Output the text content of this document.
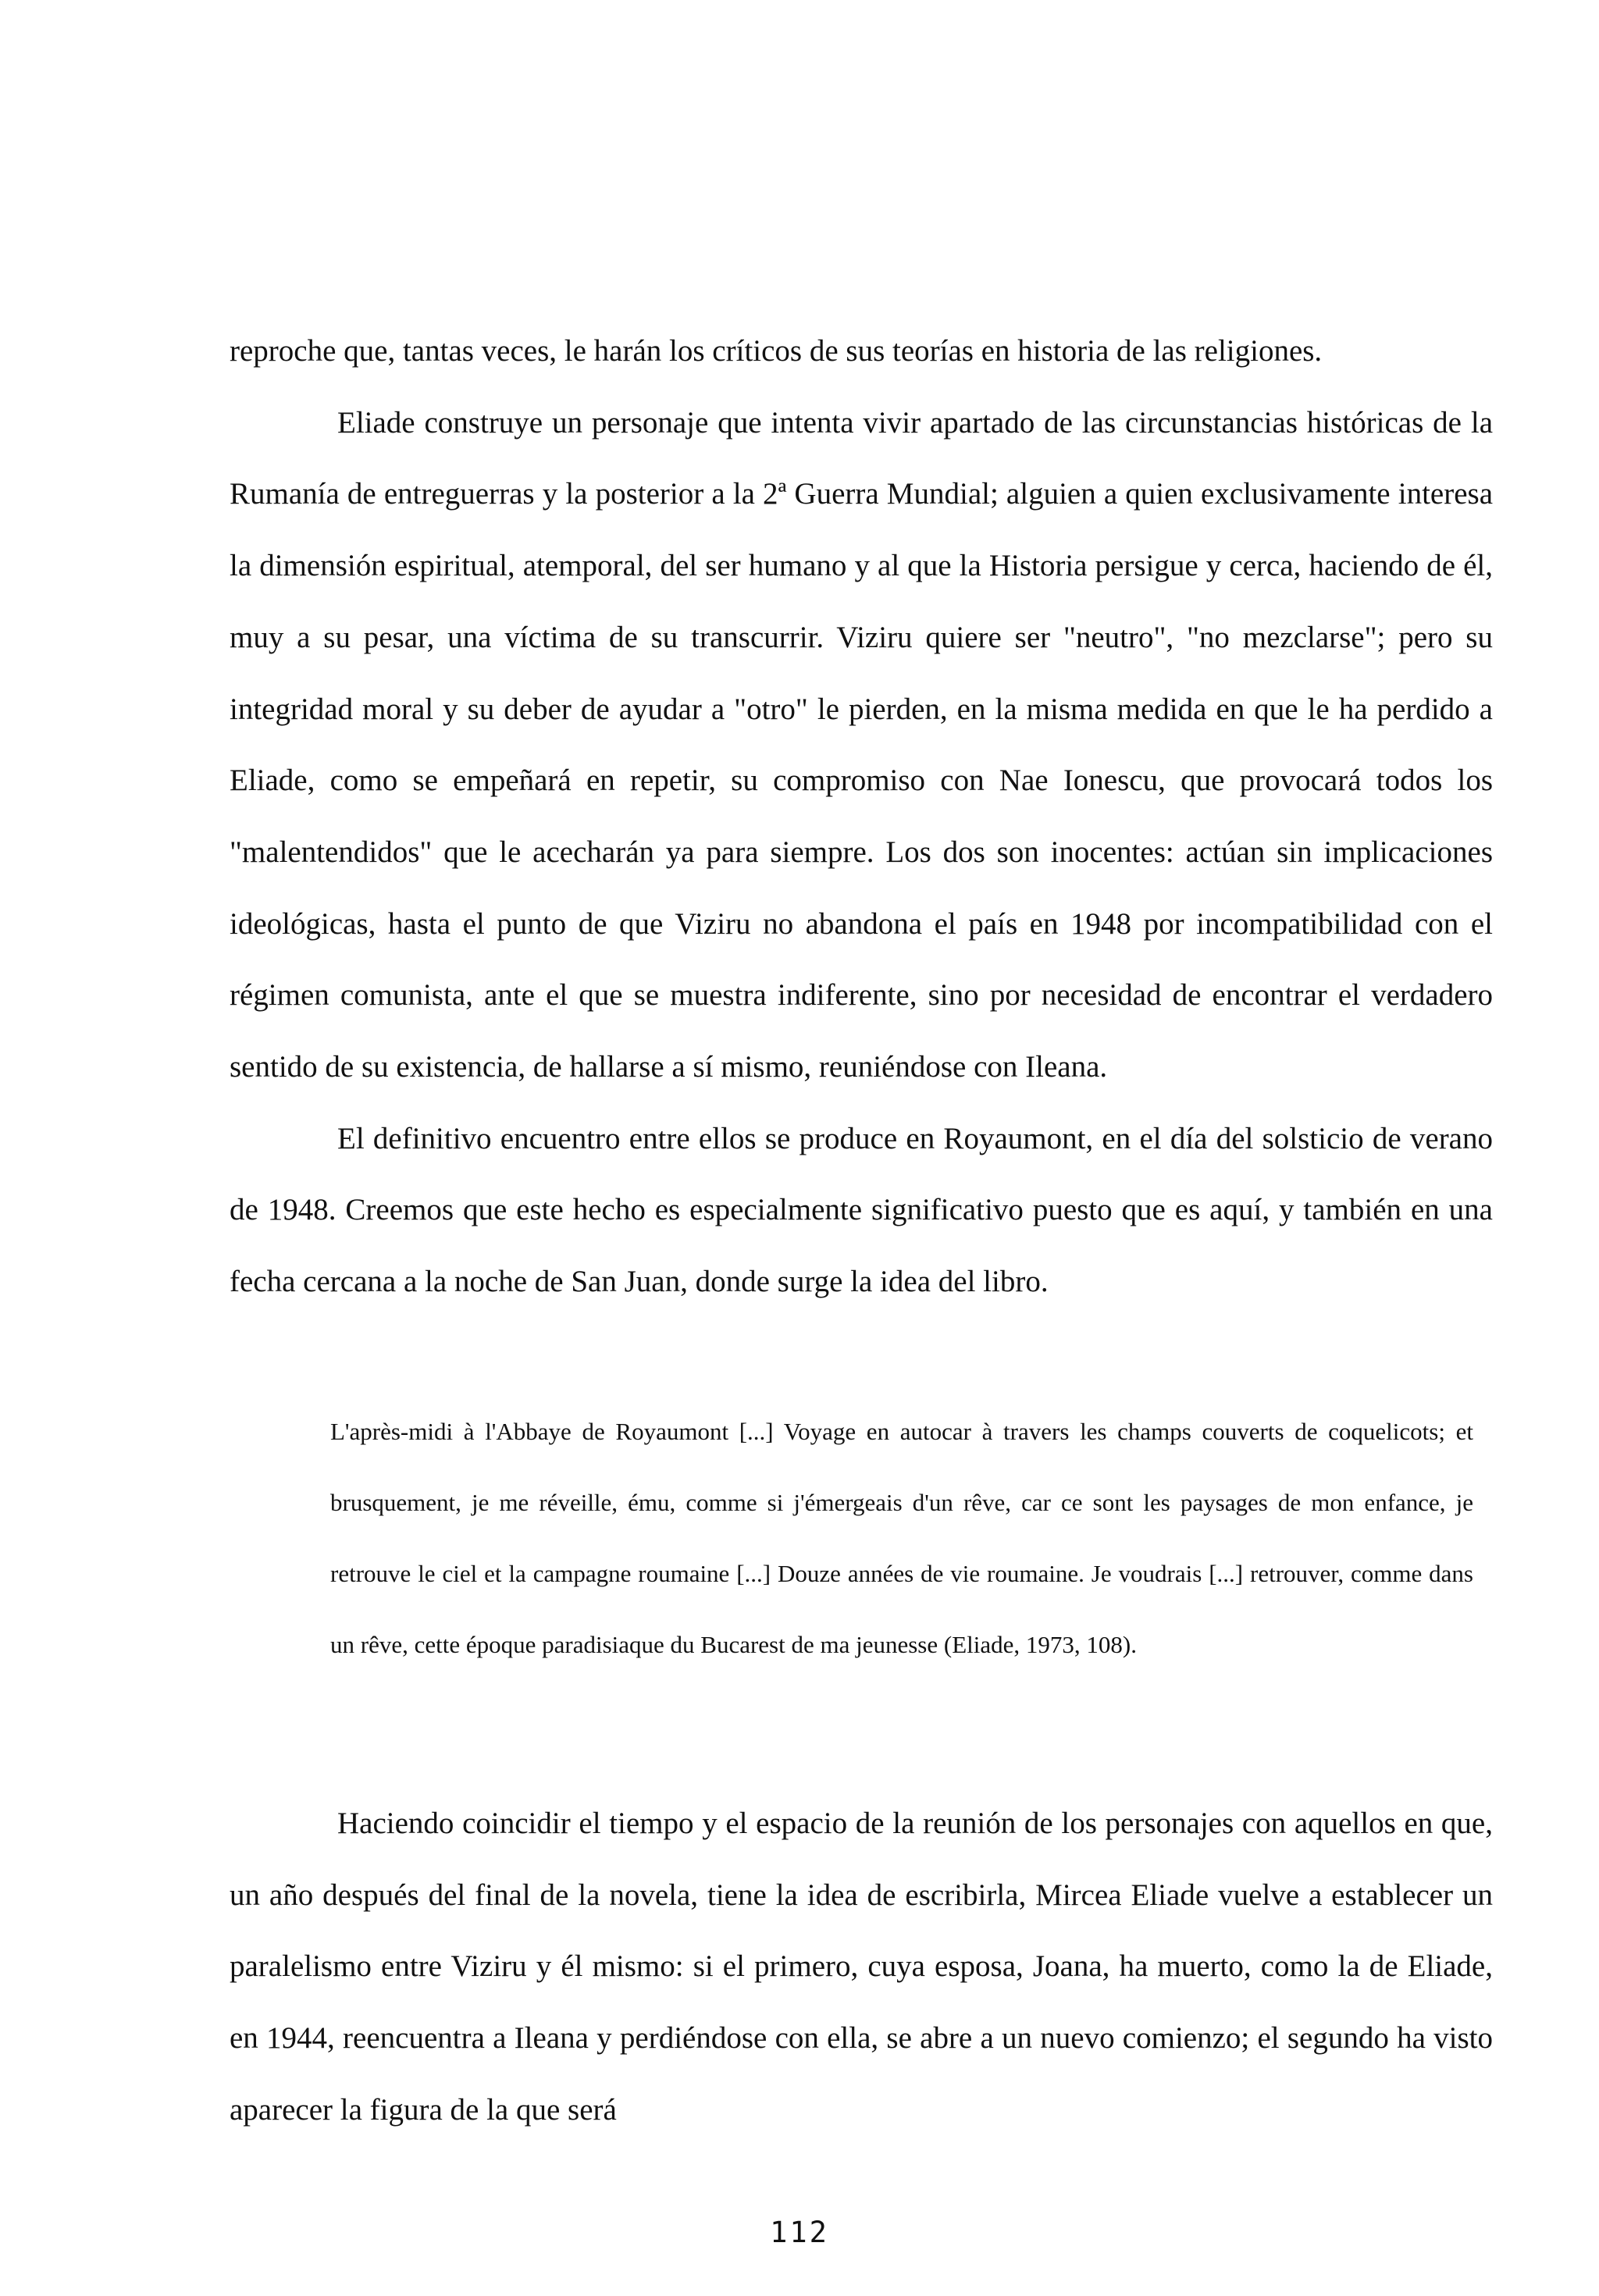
reproche que, tantas veces, le harán los críticos de sus teorías en historia de las religiones.

Eliade construye un personaje que intenta vivir apartado de las circunstancias históricas de la Rumanía de entreguerras y la posterior a la 2ª Guerra Mundial; alguien a quien exclusivamente interesa la dimensión espiritual, atemporal, del ser humano y al que la Historia persigue y cerca, haciendo de él, muy a su pesar, una víctima de su transcurrir. Viziru quiere ser "neutro", "no mezclarse"; pero su integridad moral y su deber de ayudar a "otro" le pierden, en la misma medida en que le ha perdido a Eliade, como se empeñará en repetir, su compromiso con Nae Ionescu, que provocará todos los "malentendidos" que le acecharán ya para siempre. Los dos son inocentes: actúan sin implicaciones ideológicas, hasta el punto de que Viziru no abandona el país en 1948 por incompatibilidad con el régimen comunista, ante el que se muestra indiferente, sino por necesidad de encontrar el verdadero sentido de su existencia, de hallarse a sí mismo, reuniéndose con Ileana.

El definitivo encuentro entre ellos se produce en Royaumont, en el día del solsticio de verano de 1948. Creemos que este hecho es especialmente significativo puesto que es aquí, y también en una fecha cercana a la noche de San Juan, donde surge la idea del libro.

L'après-midi à l'Abbaye de Royaumont [...] Voyage en autocar à travers les champs couverts de coquelicots; et brusquement, je me réveille, ému, comme si j'émergeais d'un rêve, car ce sont les paysages de mon enfance, je retrouve le ciel et la campagne roumaine [...] Douze années de vie roumaine. Je voudrais [...] retrouver, comme dans un rêve, cette époque paradisiaque du Bucarest de ma jeunesse (Eliade, 1973, 108).

Haciendo coincidir el tiempo y el espacio de la reunión de los personajes con aquellos en que, un año después del final de la novela, tiene la idea de escribirla, Mircea Eliade vuelve a establecer un paralelismo entre Viziru y él mismo: si el primero, cuya esposa, Joana, ha muerto, como la de Eliade, en 1944, reencuentra a Ileana y perdiéndose con ella, se abre a un nuevo comienzo; el segundo ha visto aparecer la figura de la que será

112
